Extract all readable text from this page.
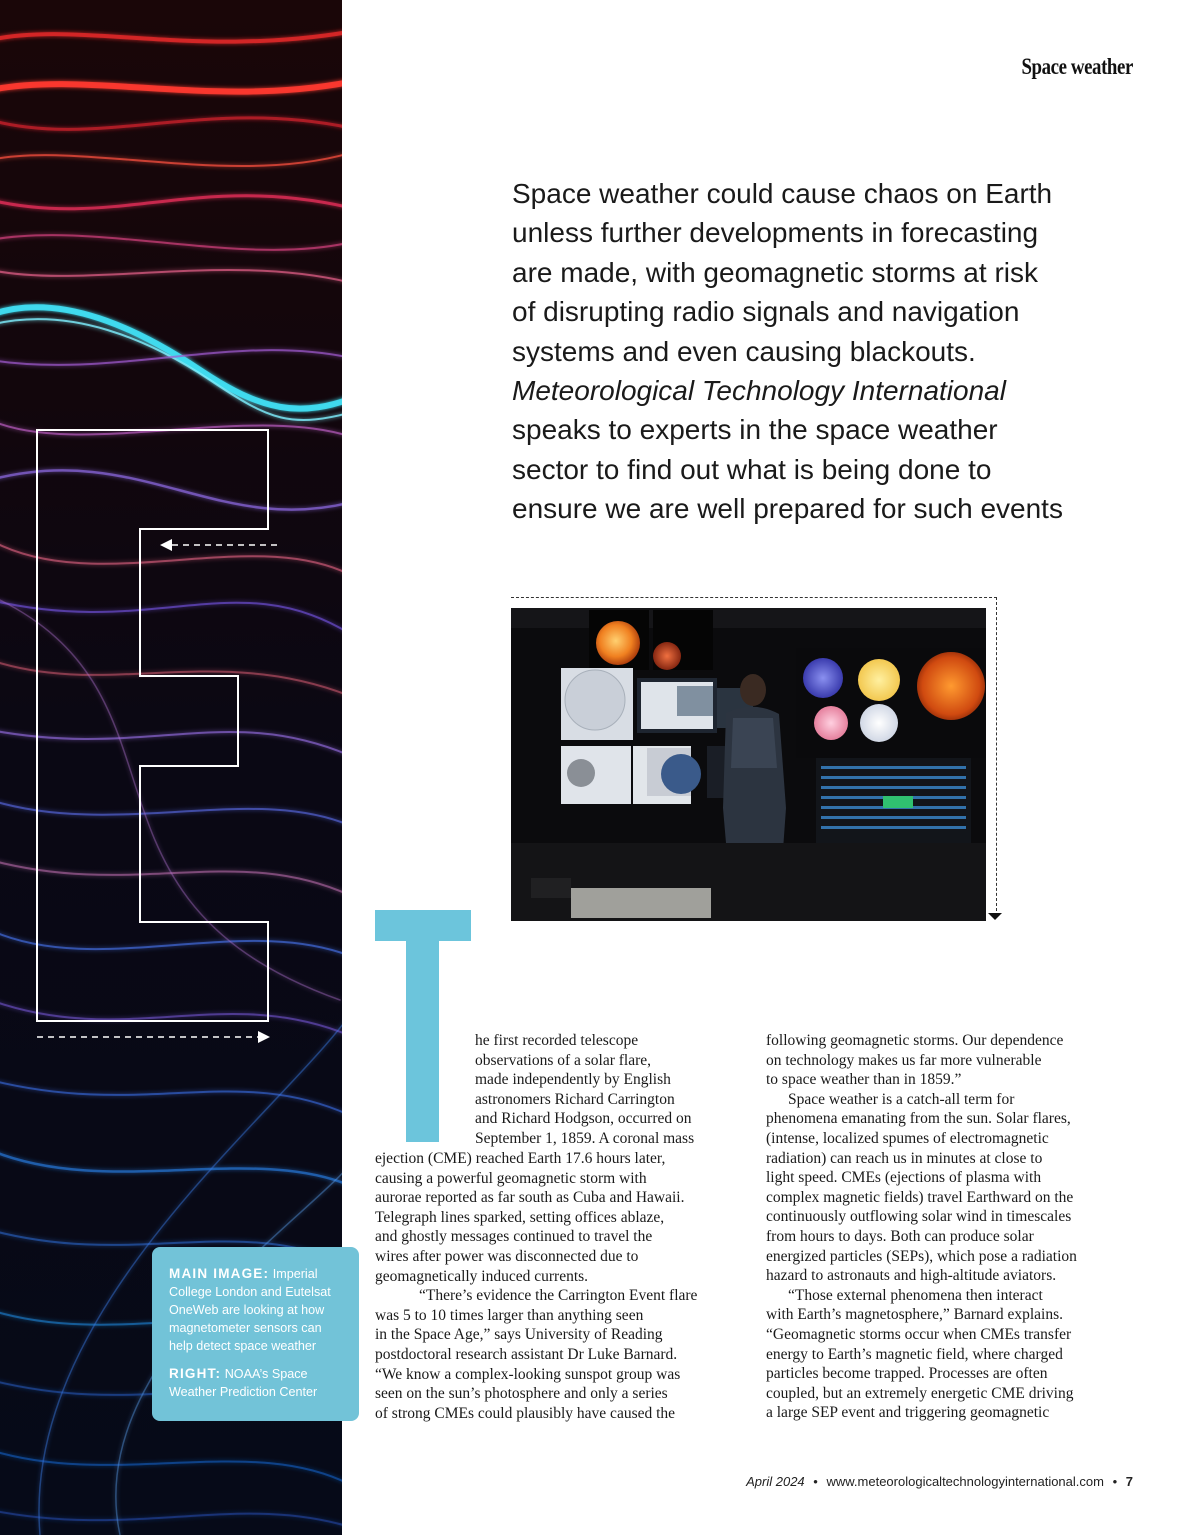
Space weather
Space weather could cause chaos on Earth
unless further developments in forecasting
are made, with geomagnetic storms at risk
of disrupting radio signals and navigation
systems and even causing blackouts.
Meteorological Technology International
speaks to experts in the space weather
sector to find out what is being done to
ensure we are well prepared for such events
he first recorded telescope
observations of a solar flare,
made independently by English
astronomers Richard Carrington
and Richard Hodgson, occurred on
September 1, 1859. A coronal mass
ejection (CME) reached Earth 17.6 hours later,
causing a powerful geomagnetic storm with
aurorae reported as far south as Cuba and Hawaii.
Telegraph lines sparked, setting offices ablaze,
and ghostly messages continued to travel the
wires after power was disconnected due to
geomagnetically induced currents.
“There’s evidence the Carrington Event flare
was 5 to 10 times larger than anything seen
in the Space Age,” says University of Reading
postdoctoral research assistant Dr Luke Barnard.
“We know a complex-looking sunspot group was
seen on the sun’s photosphere and only a series
of strong CMEs could plausibly have caused the
following geomagnetic storms. Our dependence
on technology makes us far more vulnerable
to space weather than in 1859.”
Space weather is a catch-all term for
phenomena emanating from the sun. Solar flares,
(intense, localized spumes of electromagnetic
radiation) can reach us in minutes at close to
light speed. CMEs (ejections of plasma with
complex magnetic fields) travel Earthward on the
continuously outflowing solar wind in timescales
from hours to days. Both can produce solar
energized particles (SEPs), which pose a radiation
hazard to astronauts and high-altitude aviators.
“Those external phenomena then interact
with Earth’s magnetosphere,” Barnard explains.
“Geomagnetic storms occur when CMEs transfer
energy to Earth’s magnetic field, where charged
particles become trapped. Processes are often
coupled, but an extremely energetic CME driving
a large SEP event and triggering geomagnetic

MAIN IMAGE: Imperial
College London and Eutelsat
OneWeb are looking at how
magnetometer sensors can
help detect space weather

RIGHT: NOAA’s Space
Weather Prediction Center

April 2024 • www.meteorologicaltechnologyinternational.com • 7
